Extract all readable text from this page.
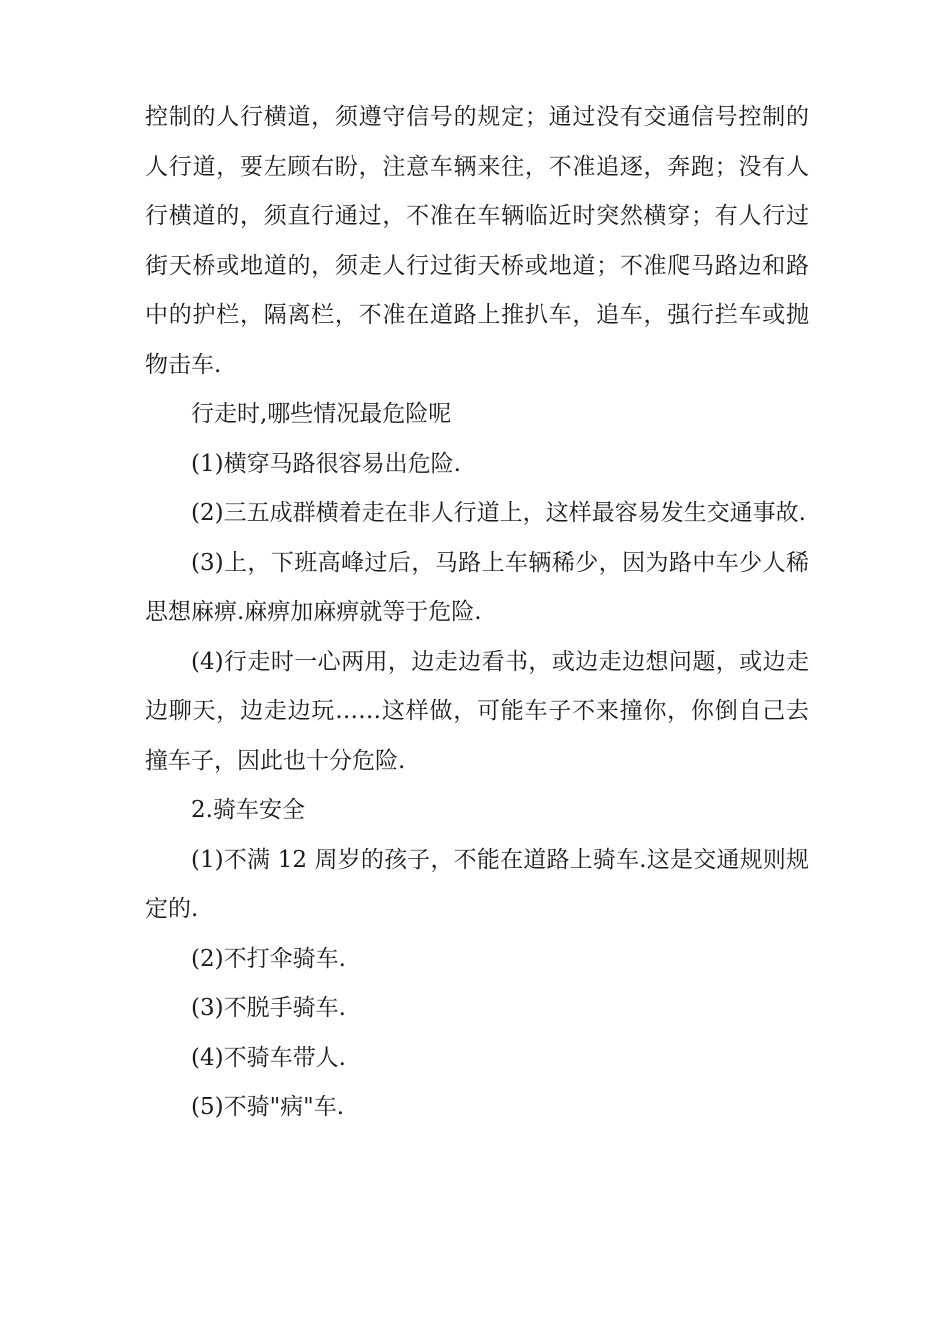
控制的人行横道，须遵守信号的规定；通过没有交通信号控制的人行道，要左顾右盼，注意车辆来往，不准追逐，奔跑；没有人行横道的，须直行通过，不准在车辆临近时突然横穿；有人行过街天桥或地道的，须走人行过街天桥或地道；不准爬马路边和路中的护栏，隔离栏，不准在道路上推扒车，追车，强行拦车或抛物击车.

行走时,哪些情况最危险呢

(1)横穿马路很容易出危险.

(2)三五成群横着走在非人行道上，这样最容易发生交通事故.

(3)上，下班高峰过后，马路上车辆稀少，因为路中车少人稀思想麻痹.麻痹加麻痹就等于危险.

(4)行走时一心两用，边走边看书，或边走边想问题，或边走边聊天，边走边玩……这样做，可能车子不来撞你，你倒自己去撞车子，因此也十分危险.

2.骑车安全

(1)不满 12 周岁的孩子，不能在道路上骑车.这是交通规则规定的.

(2)不打伞骑车.

(3)不脱手骑车.

(4)不骑车带人.

(5)不骑"病"车.
